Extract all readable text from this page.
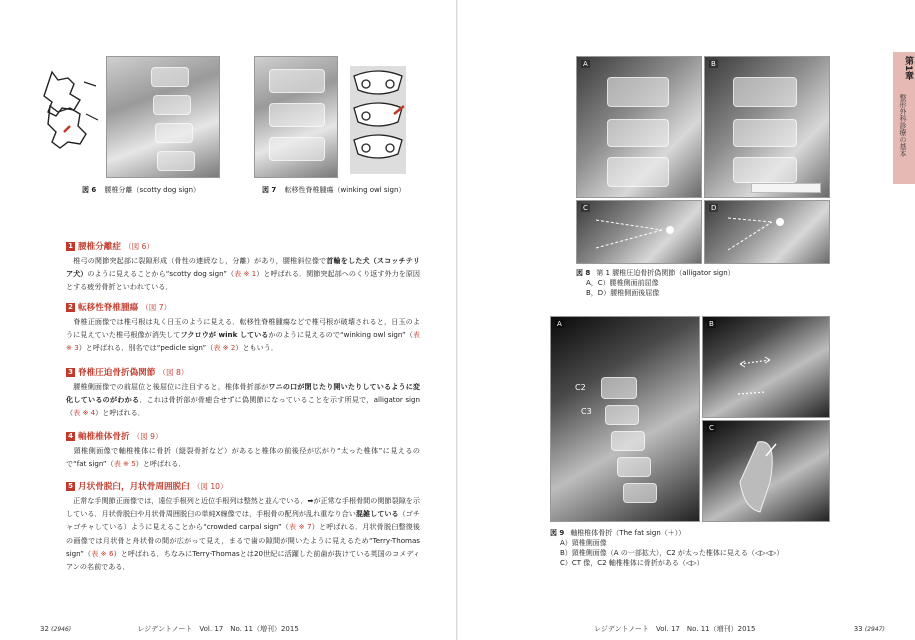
図 6 腰椎分離（scotty dog sign）	図 7 転移性脊椎腫瘍（winking owl sign）
1 腰椎分離症 （図 6）

　椎弓の関節突起部に裂隙形成（骨性の連続なし，分離）があり，腰椎斜位像で首輪をした犬（スコッチテリア犬）のように見えることから“scotty dog sign”（表 ※ 1）と呼ばれる．関節突起部へのくり返す外力を原因とする疲労骨折といわれている．

2 転移性脊椎腫瘍 （図 7）

　脊椎正面像では椎弓根は丸く日玉のように見える．転移性脊椎腫瘍などで椎弓根が破壊されると，日玉のように見えていた椎弓根像が消失してフクロウが wink しているかのように見えるので“winking owl sign”（表 ※ 3）と呼ばれる．別名では“pedicle sign”（表 ※ 2）ともいう．

3 脊椎圧迫骨折偽関節 （図 8）

　腰椎側面像での前屈位と後屈位に注目すると，椎体骨折部がワニの口が閉じたり開いたりしているように変化しているのがわかる．これは骨折部が骨癒合せずに偽関節になっていることを示す所見で，alligator sign（表 ※ 4）と呼ばれる．

4 軸椎椎体骨折 （図 9）

　頸椎側面像で軸椎椎体に骨折（縦裂骨折など）があると椎体の前後径が広がり“太った椎体”に見えるので“fat sign”（表 ※ 5）と呼ばれる．

5 月状骨脱臼，月状骨周囲脱臼 （図 10）

　正常な手関節正面像では，遠位手根列と近位手根列は整然と並んでいる．➡が正常な手根骨間の関節裂隙を示している．月状骨脱臼や月状骨周囲脱臼の単純X線像では，手根骨の配列が乱れ重なり合い混雑している（ゴチャゴチャしている）ように見えることから“crowded carpal sign”（表 ※ 7）と呼ばれる．月状骨脱臼整復後の画像では月状骨と舟状骨の間が広がって見え，まるで歯の隙間が開いたように見えるため“Terry-Thomas sign”（表 ※ 6）と呼ばれる．ちなみにTerry-Thomasとは20世紀に活躍した前歯が抜けている英国のコメディアンの名前である．

32 (2946)	レジデントノート　Vol. 17　No. 11（増刊）2015
A	B
C	D
図 8 第 1 腰椎圧迫骨折偽関節（alligator sign）
A，C）腰椎側面前屈像
B，D）腰椎側面後屈像
A
C2
C3
B
C
図 9 軸椎椎体骨折（The fat sign（＋））
A）頸椎側面像
B）頸椎側面像（A の一部拡大），C2 が太った椎体に見える（◁▷◁▷）
C）CT 像，C2 軸椎椎体に骨折がある（◁▷）
第1章
整形外科診療の基本
レジデントノート　Vol. 17　No. 11（増刊）2015	33 (2947)
